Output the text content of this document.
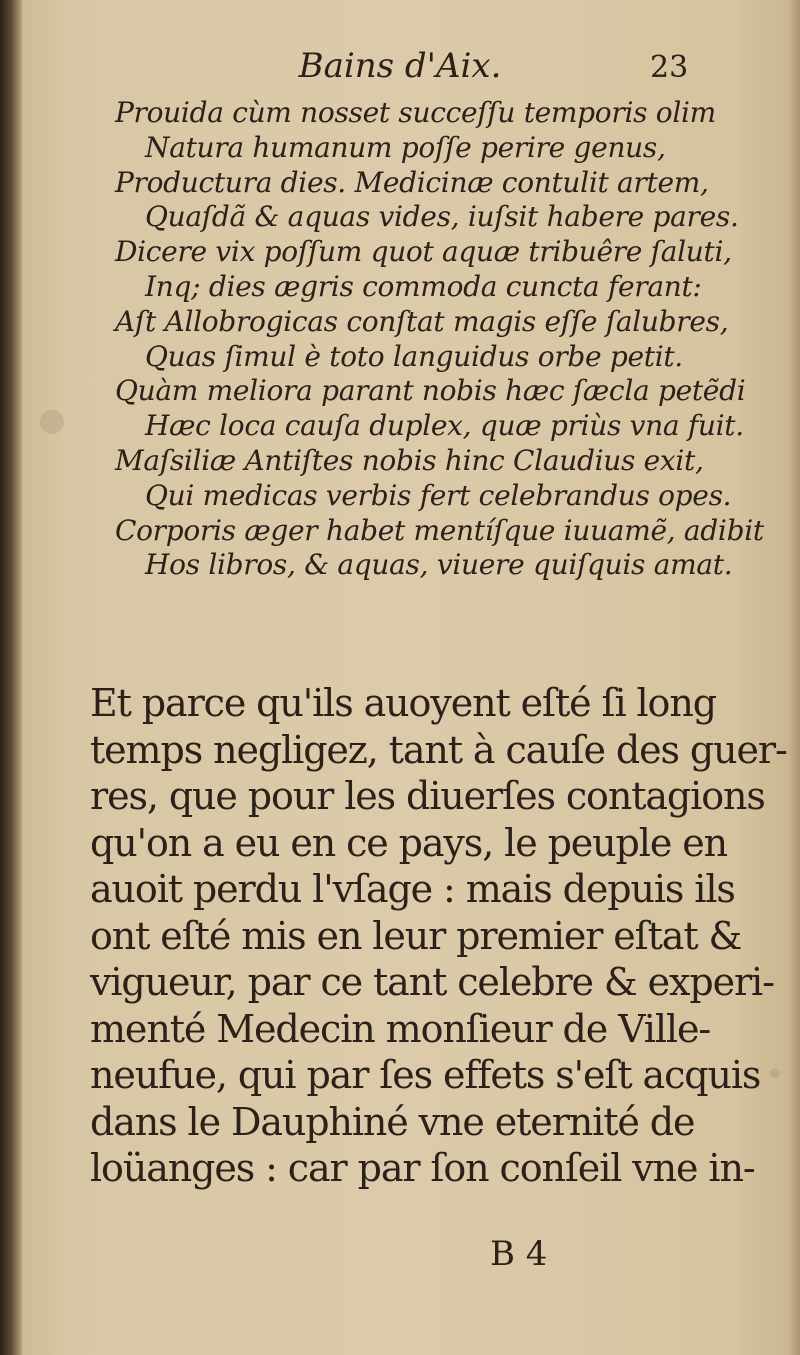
Bains d'Aix.	23
Prouida cùm nosset succeſſu temporis olim
Natura humanum poſſe perire genus,
Productura dies. Medicinæ contulit artem,
Quaſdã & aquas vides, iuſsit habere pares.
Dicere vix poſſum quot aquæ tribuêre ſaluti,
Inq; dies ægris commoda cuncta ferant:
Aſt Allobrogicas conſtat magis eſſe ſalubres,
Quas ſimul è toto languidus orbe petit.
Quàm meliora parant nobis hæc ſæcla petẽdi
Hæc loca cauſa duplex, quæ priùs vna fuit.
Maſsiliæ Antiſtes nobis hinc Claudius exit,
Qui medicas verbis fert celebrandus opes.
Corporis æger habet mentíſque iuuamẽ, adibit
Hos libros, & aquas, viuere quiſquis amat.
Et parce qu'ils auoyent eſté ſi long
temps negligez, tant à cauſe des guer-
res, que pour les diuerſes contagions
qu'on a eu en ce pays, le peuple en
auoit perdu l'vſage : mais depuis ils
ont eſté mis en leur premier eſtat &
vigueur, par ce tant celebre & experi-
menté Medecin monſieur de Ville-
neufue, qui par ſes effets s'eſt acquis
dans le Dauphiné vne eternité de
loüanges : car par ſon conſeil vne in-
B 4
